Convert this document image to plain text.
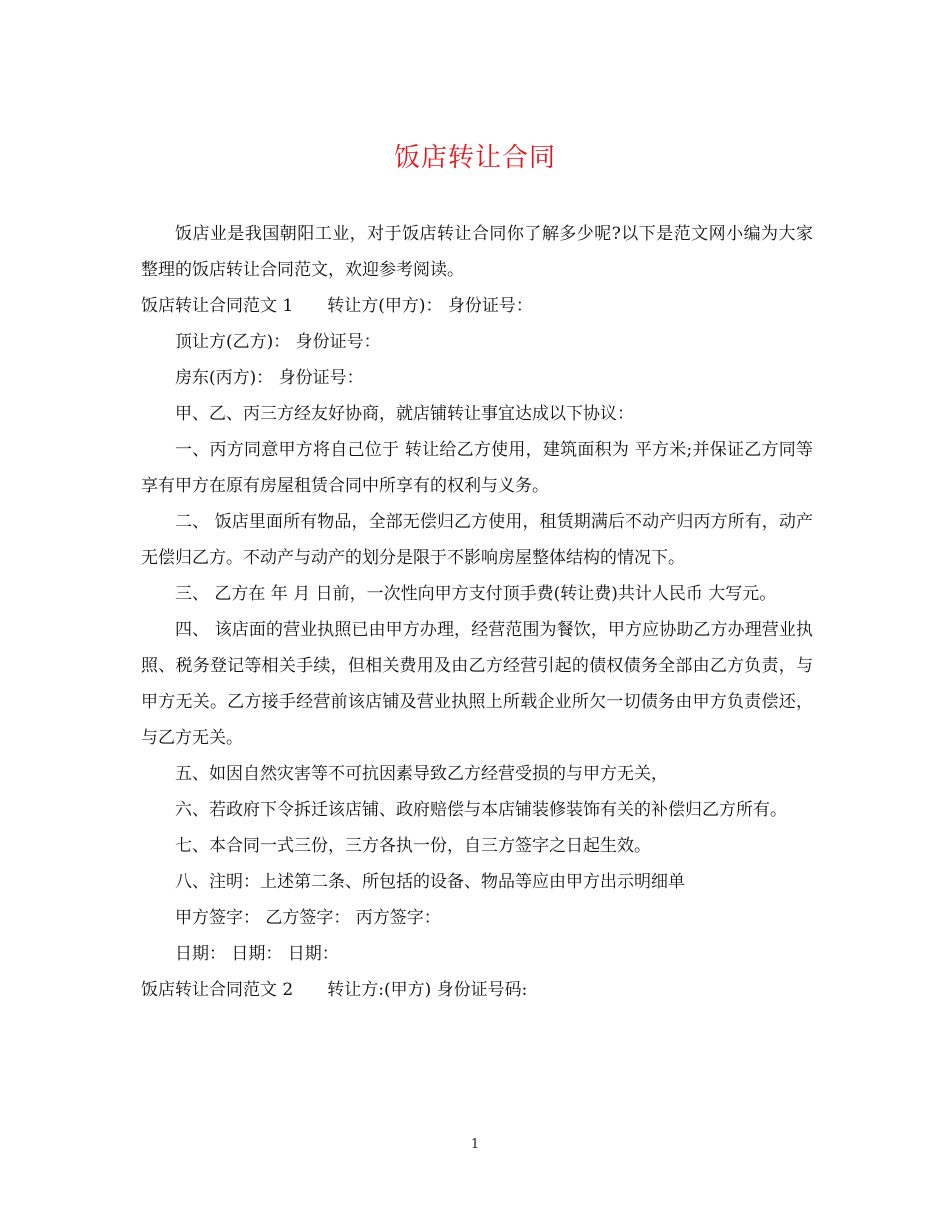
饭店转让合同

饭店业是我国朝阳工业，对于饭店转让合同你了解多少呢?以下是范文网小编为大家整理的饭店转让合同范文，欢迎参考阅读。

饭店转让合同范文 1 转让方(甲方)： 身份证号：

顶让方(乙方)： 身份证号：

房东(丙方)： 身份证号：

甲、乙、丙三方经友好协商，就店铺转让事宜达成以下协议：

一、丙方同意甲方将自己位于 转让给乙方使用，建筑面积为 平方米;并保证乙方同等享有甲方在原有房屋租赁合同中所享有的权利与义务。

二、 饭店里面所有物品，全部无偿归乙方使用，租赁期满后不动产归丙方所有，动产无偿归乙方。不动产与动产的划分是限于不影响房屋整体结构的情况下。

三、 乙方在 年 月 日前，一次性向甲方支付顶手费(转让费)共计人民币 大写元。

四、 该店面的营业执照已由甲方办理，经营范围为餐饮，甲方应协助乙方办理营业执照、税务登记等相关手续，但相关费用及由乙方经营引起的债权债务全部由乙方负责，与甲方无关。乙方接手经营前该店铺及营业执照上所载企业所欠一切债务由甲方负责偿还，与乙方无关。

五、如因自然灾害等不可抗因素导致乙方经营受损的与甲方无关，

六、若政府下令拆迁该店铺、政府赔偿与本店铺装修装饰有关的补偿归乙方所有。

七、本合同一式三份，三方各执一份，自三方签字之日起生效。

八、注明：上述第二条、所包括的设备、物品等应由甲方出示明细单

甲方签字： 乙方签字： 丙方签字：

日期： 日期： 日期：

饭店转让合同范文 2 转让方:(甲方) 身份证号码:

1
